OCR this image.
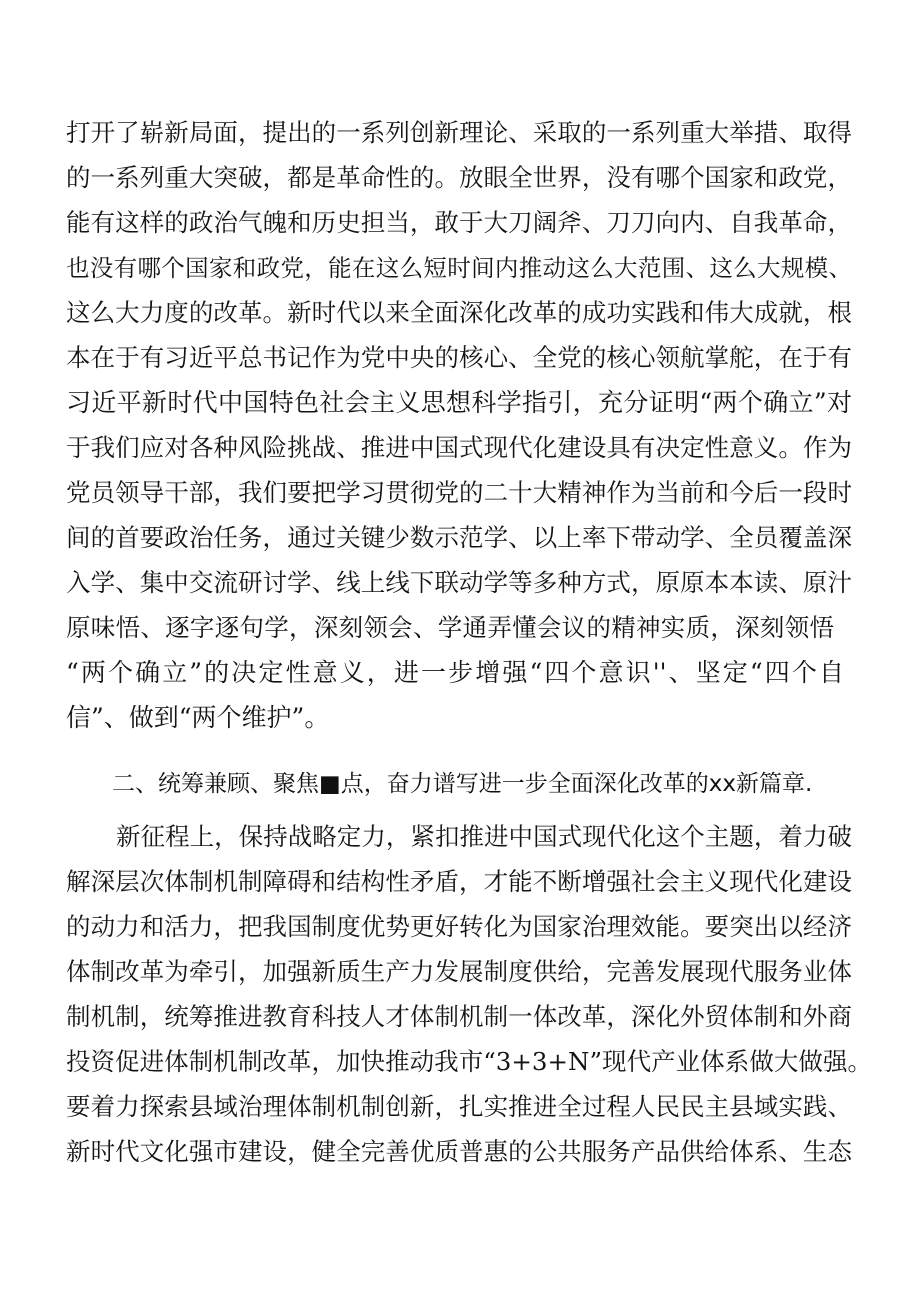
打开了崭新局面，提出的一系列创新理论、采取的一系列重大举措、取得
的一系列重大突破，都是革命性的。放眼全世界，没有哪个国家和政党，
能有这样的政治气魄和历史担当，敢于大刀阔斧、刀刀向内、自我革命，
也没有哪个国家和政党，能在这么短时间内推动这么大范围、这么大规模、
这么大力度的改革。新时代以来全面深化改革的成功实践和伟大成就，根
本在于有习近平总书记作为党中央的核心、全党的核心领航掌舵，在于有
习近平新时代中国特色社会主义思想科学指引，充分证明“两个确立”对
于我们应对各种风险挑战、推进中国式现代化建设具有决定性意义。作为
党员领导干部，我们要把学习贯彻党的二十大精神作为当前和今后一段时
间的首要政治任务，通过关键少数示范学、以上率下带动学、全员覆盖深
入学、集中交流研讨学、线上线下联动学等多种方式，原原本本读、原汁
原味悟、逐字逐句学，深刻领会、学通弄懂会议的精神实质，深刻领悟
“两个确立”的决定性意义，进一步增强“四个意识''、坚定“四个自
信”、做到“两个维护”。
二、统筹兼顾、聚焦■点，奋力谱写进一步全面深化改革的xx新篇章.
新征程上，保持战略定力，紧扣推进中国式现代化这个主题，着力破
解深层次体制机制障碍和结构性矛盾，才能不断增强社会主义现代化建设
的动力和活力，把我国制度优势更好转化为国家治理效能。要突出以经济
体制改革为牵引，加强新质生产力发展制度供给，完善发展现代服务业体
制机制，统筹推进教育科技人才体制机制一体改革，深化外贸体制和外商
投资促进体制机制改革，加快推动我市“3+3+N”现代产业体系做大做强。
要着力探索县域治理体制机制创新，扎实推进全过程人民民主县域实践、
新时代文化强市建设，健全完善优质普惠的公共服务产品供给体系、生态
